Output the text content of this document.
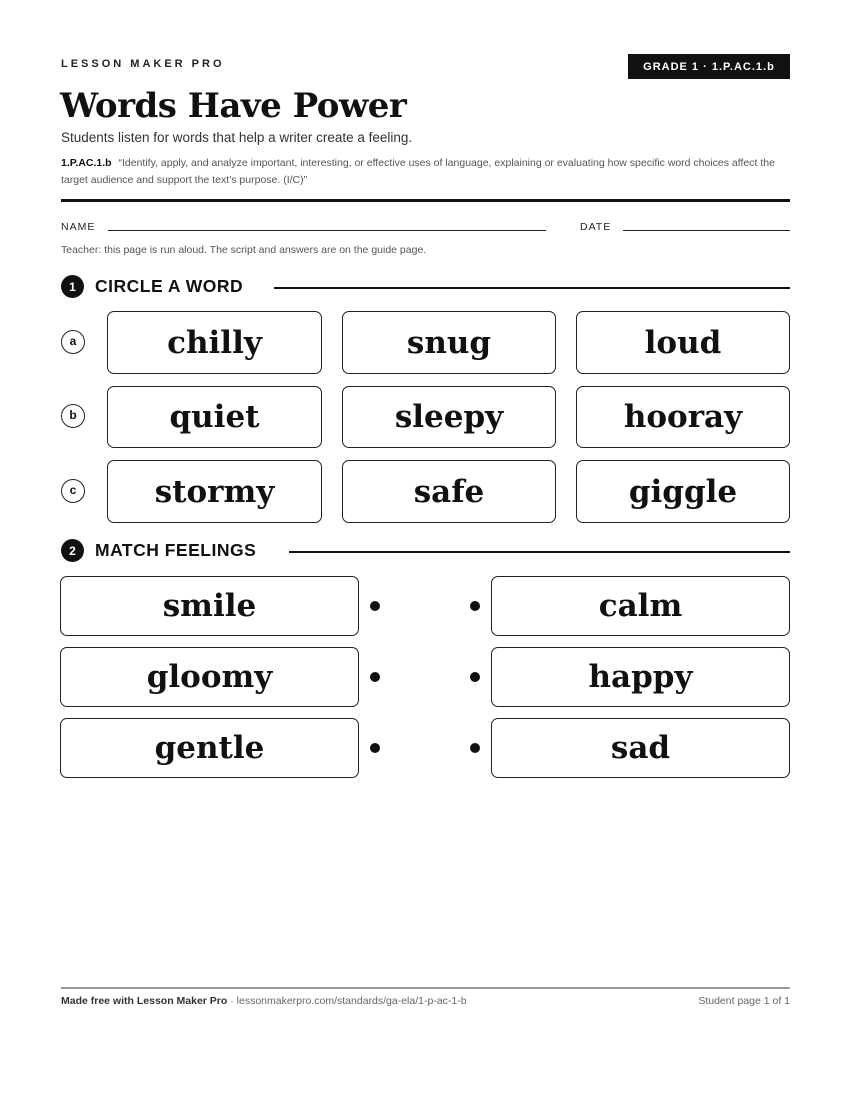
LESSON MAKER PRO	GRADE 1 · 1.P.AC.1.b
Words Have Power
Students listen for words that help a writer create a feeling.
1.P.AC.1.b “Identify, apply, and analyze important, interesting, or effective uses of language, explaining or evaluating how specific word choices affect the target audience and support the text’s purpose. (I/C)”
NAME	DATE
Teacher: this page is run aloud. The script and answers are on the guide page.
1	CIRCLE A WORD
a	chilly	snug	loud
b	quiet	sleepy	hooray
c	stormy	safe	giggle
2	MATCH FEELINGS
smile	calm
gloomy	happy
gentle	sad
Made free with Lesson Maker Pro · lessonmakerpro.com/standards/ga-ela/1-p-ac-1-b	Student page 1 of 1
